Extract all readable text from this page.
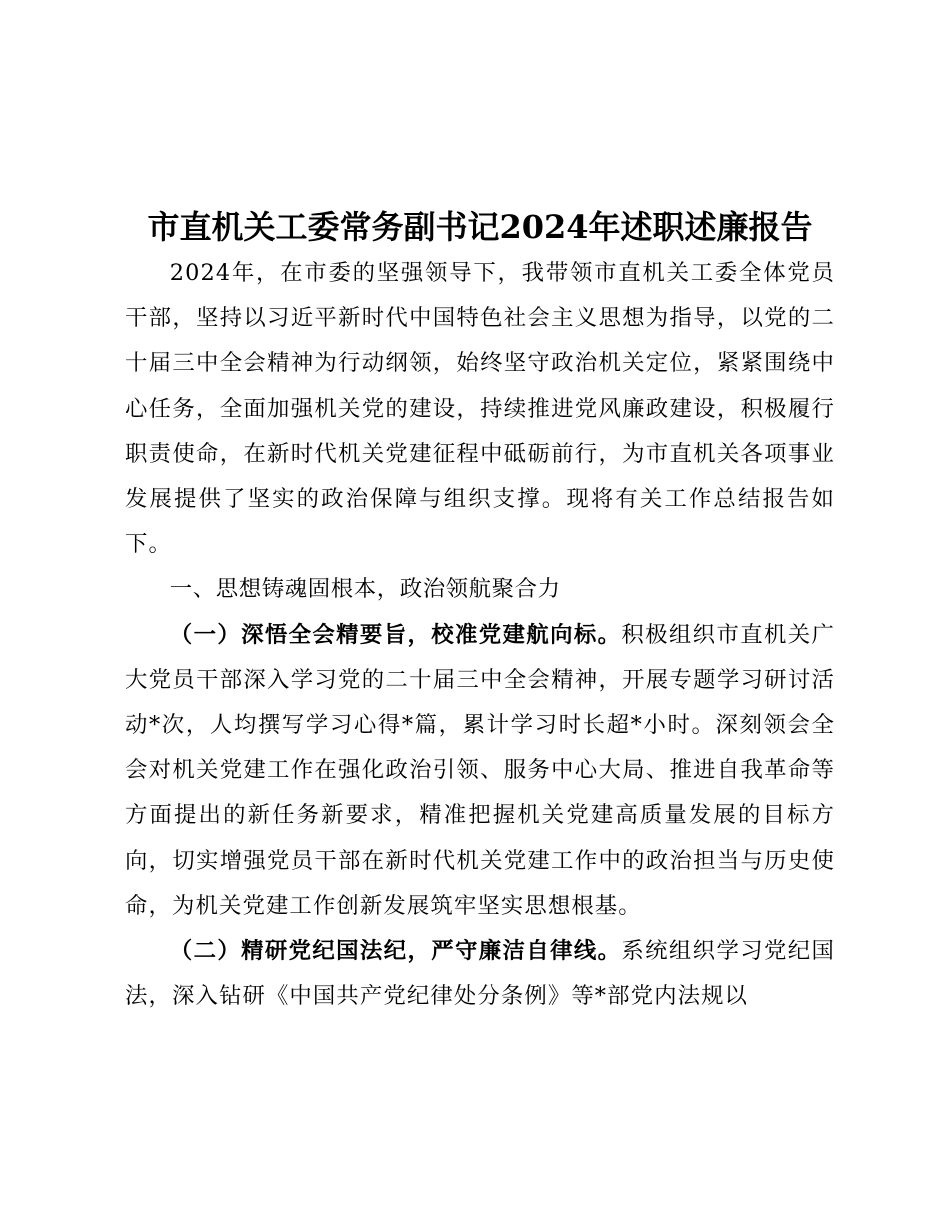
市直机关工委常务副书记2024年述职述廉报告

2024年，在市委的坚强领导下，我带领市直机关工委全体党员干部，坚持以习近平新时代中国特色社会主义思想为指导，以党的二十届三中全会精神为行动纲领，始终坚守政治机关定位，紧紧围绕中心任务，全面加强机关党的建设，持续推进党风廉政建设，积极履行职责使命，在新时代机关党建征程中砥砺前行，为市直机关各项事业发展提供了坚实的政治保障与组织支撑。现将有关工作总结报告如下。

一、思想铸魂固根本，政治领航聚合力

（一）深悟全会精要旨，校准党建航向标。积极组织市直机关广大党员干部深入学习党的二十届三中全会精神，开展专题学习研讨活动*次，人均撰写学习心得*篇，累计学习时长超*小时。深刻领会全会对机关党建工作在强化政治引领、服务中心大局、推进自我革命等方面提出的新任务新要求，精准把握机关党建高质量发展的目标方向，切实增强党员干部在新时代机关党建工作中的政治担当与历史使命，为机关党建工作创新发展筑牢坚实思想根基。

（二）精研党纪国法纪，严守廉洁自律线。系统组织学习党纪国法，深入钻研《中国共产党纪律处分条例》等*部党内法规以
